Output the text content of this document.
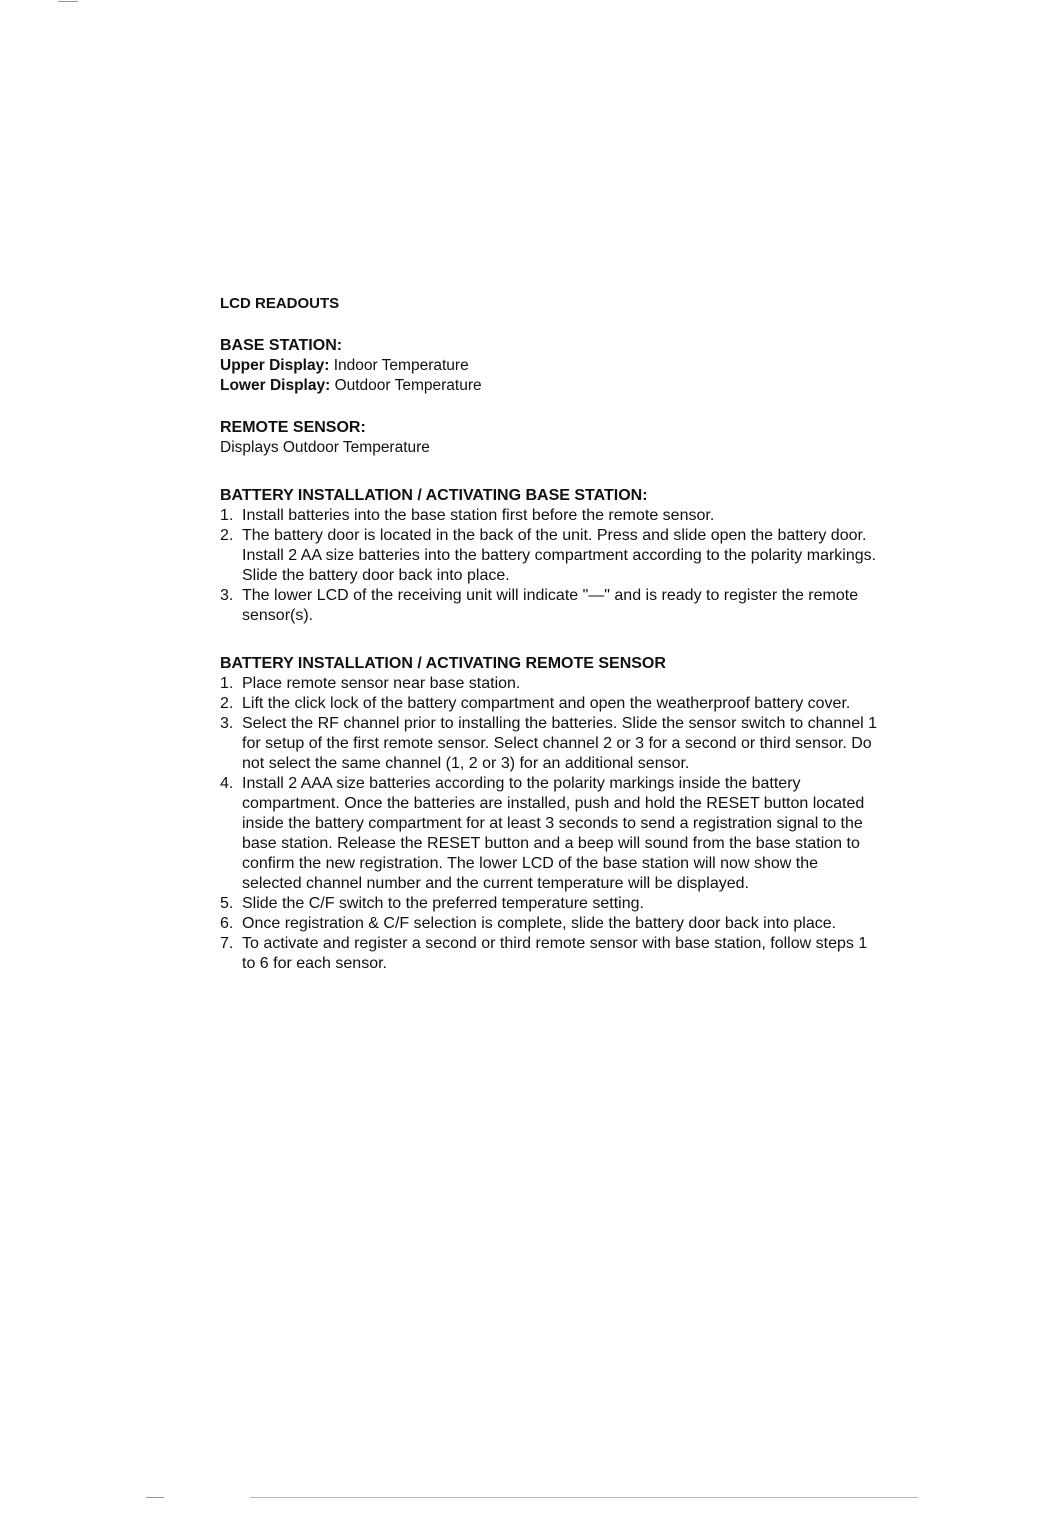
LCD READOUTS

BASE STATION:

Upper Display: Indoor Temperature

Lower Display: Outdoor Temperature

REMOTE SENSOR:

Displays Outdoor Temperature

BATTERY INSTALLATION / ACTIVATING BASE STATION:

1. Install batteries into the base station first before the remote sensor.
2. The battery door is located in the back of the unit. Press and slide open the battery door. Install 2 AA size batteries into the battery compartment according to the polarity markings. Slide the battery door back into place.
3. The lower LCD of the receiving unit will indicate "—" and is ready to register the remote sensor(s).

BATTERY INSTALLATION / ACTIVATING REMOTE SENSOR

1. Place remote sensor near base station.
2. Lift the click lock of the battery compartment and open the weatherproof battery cover.
3. Select the RF channel prior to installing the batteries. Slide the sensor switch to channel 1 for setup of the first remote sensor. Select channel 2 or 3 for a second or third sensor. Do not select the same channel (1, 2 or 3) for an additional sensor.
4. Install 2 AAA size batteries according to the polarity markings inside the battery compartment. Once the batteries are installed, push and hold the RESET button located inside the battery compartment for at least 3 seconds to send a registration signal to the base station. Release the RESET button and a beep will sound from the base station to confirm the new registration. The lower LCD of the base station will now show the selected channel number and the current temperature will be displayed.
5. Slide the C/F switch to the preferred temperature setting.
6. Once registration & C/F selection is complete, slide the battery door back into place.
7. To activate and register a second or third remote sensor with base station, follow steps 1 to 6 for each sensor.
